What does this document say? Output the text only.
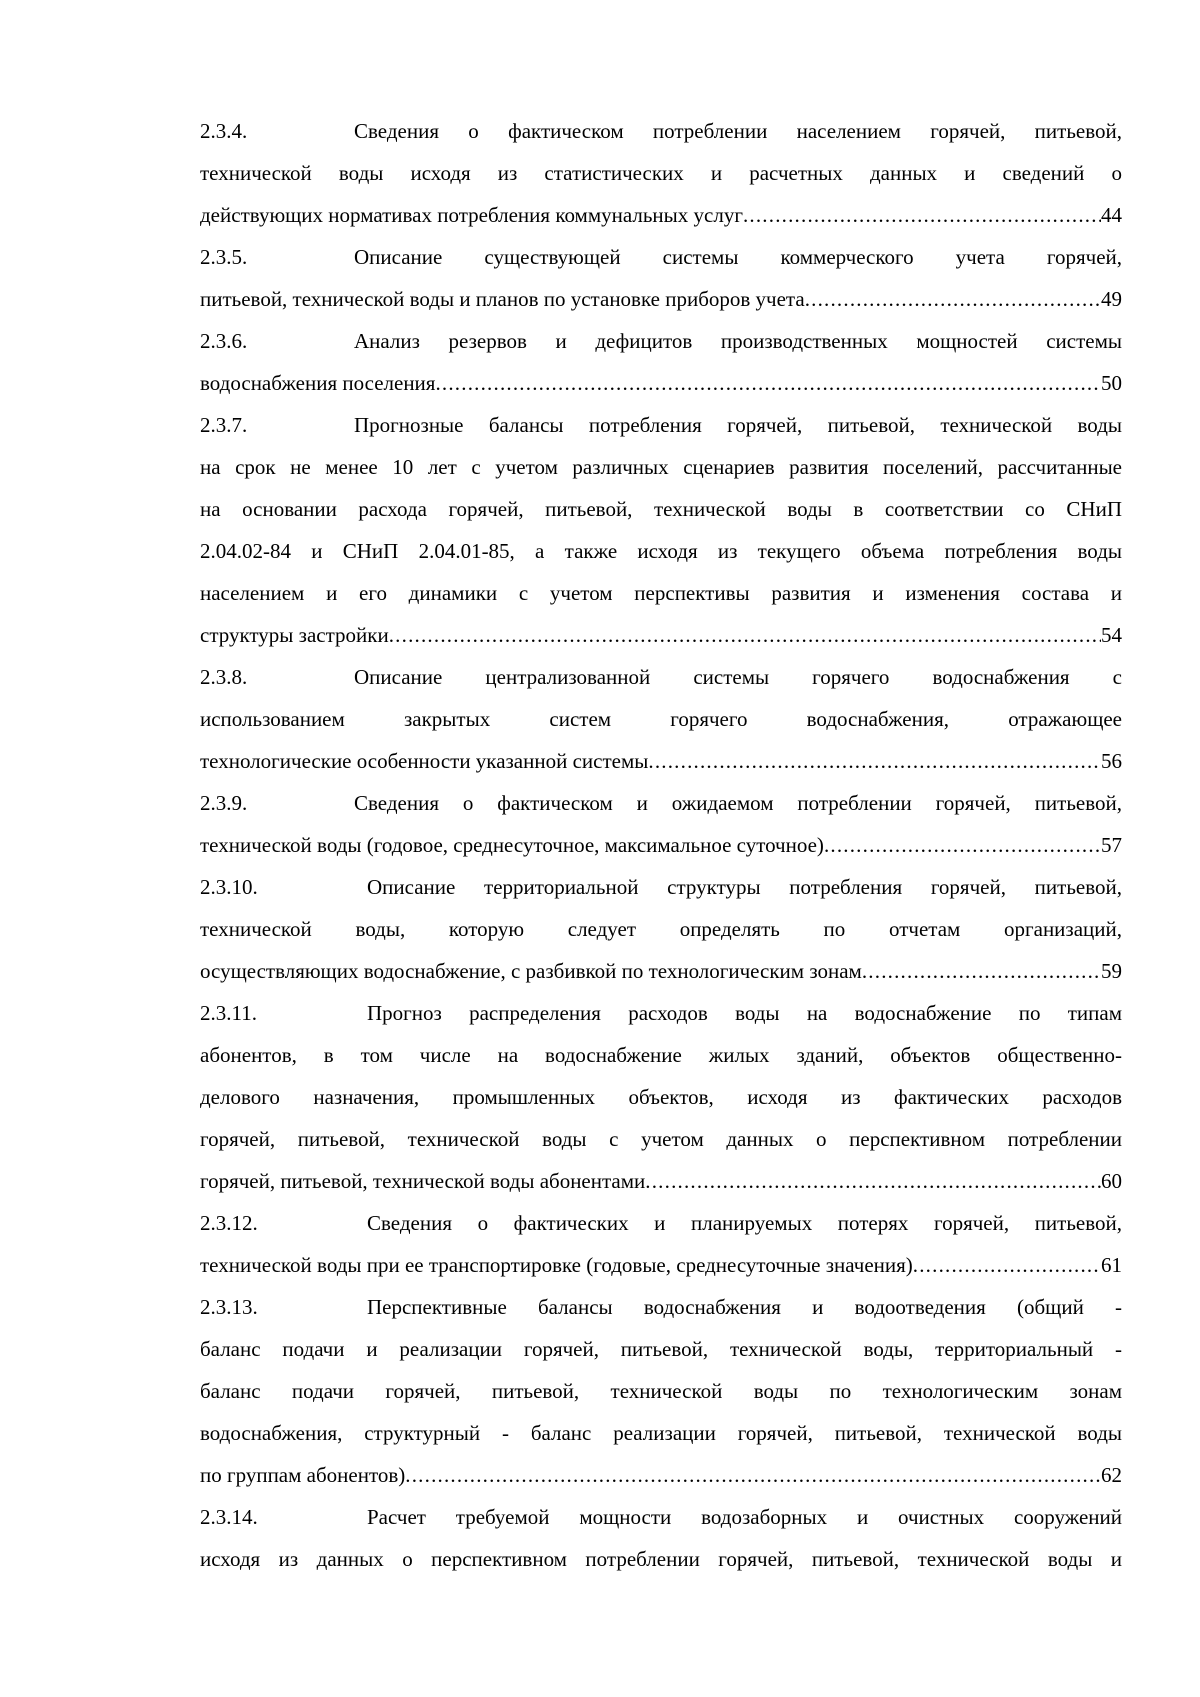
2.3.4.	Сведения о фактическом потреблении населением горячей, питьевой,
технической воды исходя из статистических и расчетных данных и сведений о
действующих нормативах потребления коммунальных услуг .....	44
2.3.5.	Описание существующей системы коммерческого учета горячей,
питьевой, технической воды и планов по установке приборов учета .....	49
2.3.6.	Анализ резервов и дефицитов производственных мощностей системы
водоснабжения поселения .....	50
2.3.7.	Прогнозные балансы потребления горячей, питьевой, технической воды
на срок не менее 10 лет с учетом различных сценариев развития поселений, рассчитанные
на основании расхода горячей, питьевой, технической воды в соответствии со СНиП
2.04.02-84 и СНиП 2.04.01-85, а также исходя из текущего объема потребления воды
населением и его динамики с учетом перспективы развития и изменения состава и
структуры застройки .....	54
2.3.8.	Описание централизованной системы горячего водоснабжения с
использованием закрытых систем горячего водоснабжения, отражающее
технологические особенности указанной системы .....	56
2.3.9.	Сведения о фактическом и ожидаемом потреблении горячей, питьевой,
технической воды (годовое, среднесуточное, максимальное суточное) .....	57
2.3.10.	Описание территориальной структуры потребления горячей, питьевой,
технической воды, которую следует определять по отчетам организаций,
осуществляющих водоснабжение, с разбивкой по технологическим зонам .....	59
2.3.11.	Прогноз распределения расходов воды на водоснабжение по типам
абонентов, в том числе на водоснабжение жилых зданий, объектов общественно-
делового назначения, промышленных объектов, исходя из фактических расходов
горячей, питьевой, технической воды с учетом данных о перспективном потреблении
горячей, питьевой, технической воды абонентами .....	60
2.3.12.	Сведения о фактических и планируемых потерях горячей, питьевой,
технической воды при ее транспортировке (годовые, среднесуточные значения) .....	61
2.3.13.	Перспективные балансы водоснабжения и водоотведения (общий -
баланс подачи и реализации горячей, питьевой, технической воды, территориальный -
баланс подачи горячей, питьевой, технической воды по технологическим зонам
водоснабжения, структурный - баланс реализации горячей, питьевой, технической воды
по группам абонентов) .....	62
2.3.14.	Расчет требуемой мощности водозаборных и очистных сооружений
исходя из данных о перспективном потреблении горячей, питьевой, технической воды и
